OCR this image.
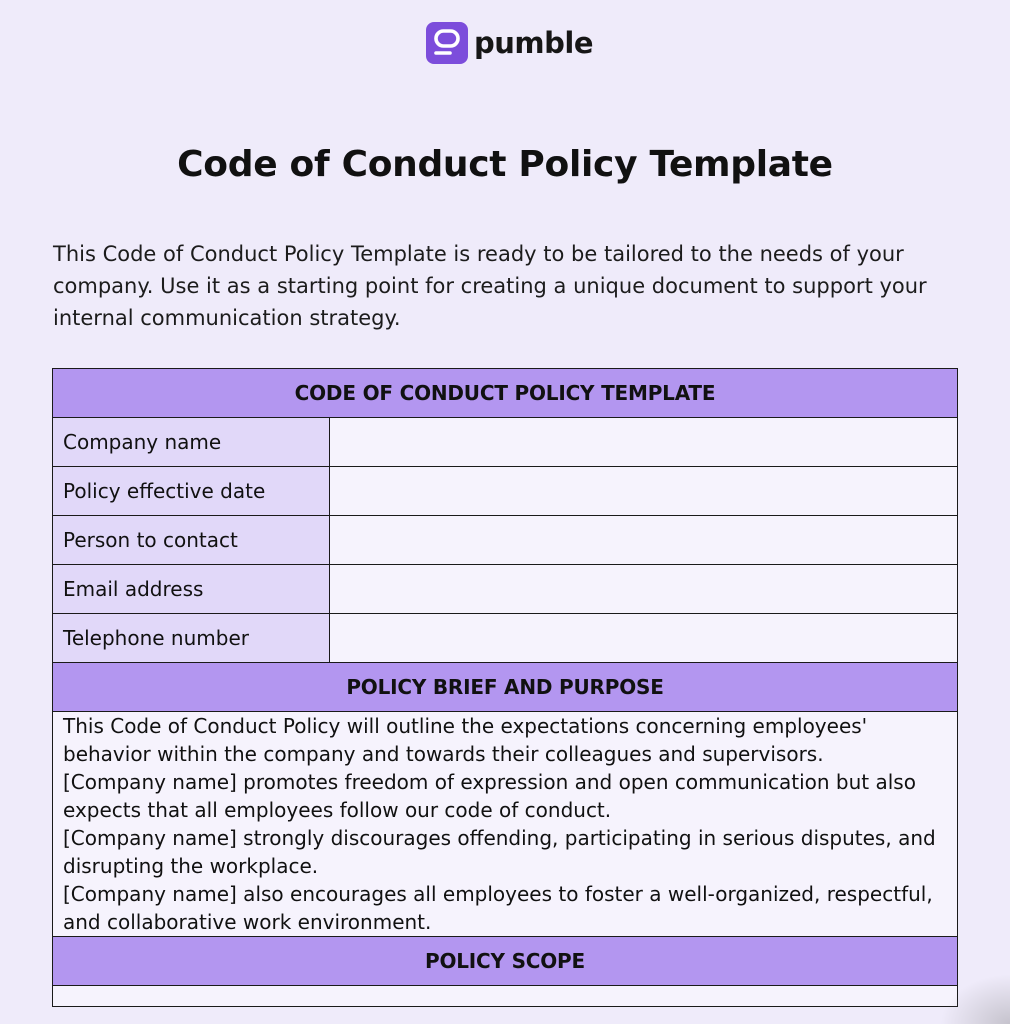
pumble
Code of Conduct Policy Template

This Code of Conduct Policy Template is ready to be tailored to the needs of your company. Use it as a starting point for creating a unique document to support your internal communication strategy.

CODE OF CONDUCT POLICY TEMPLATE	
Company name	
Policy effective date	
Person to contact	
Email address	
Telephone number	
POLICY BRIEF AND PURPOSE	

This Code of Conduct Policy will outline the expectations concerning employees' behavior within the company and towards their colleagues and supervisors.

[Company name] promotes freedom of expression and open communication but also expects that all employees follow our code of conduct.

[Company name] strongly discourages offending, participating in serious disputes, and disrupting the workplace.

[Company name] also encourages all employees to foster a well-organized, respectful, and collaborative work environment.	

POLICY SCOPE	
